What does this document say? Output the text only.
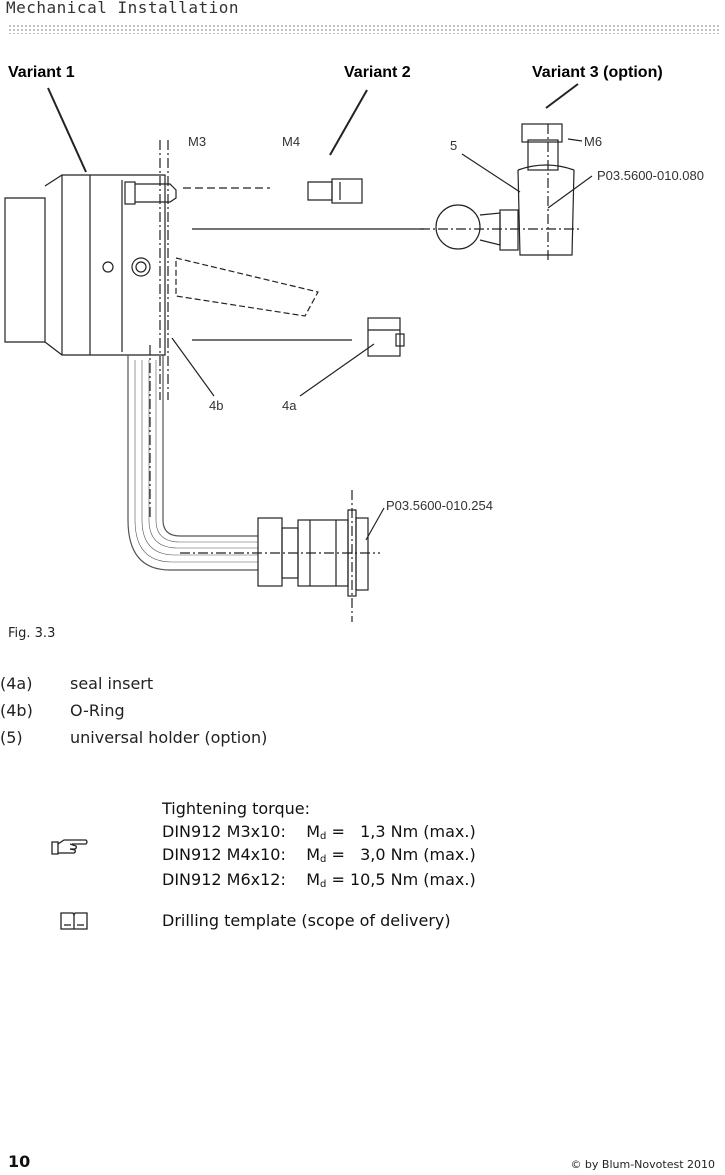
Mechanical Installation
Variant 1	Variant 2	Variant 3 (option)
M3	M4	5	M6
P03.5600-010.080
4b	4a
P03.5600-010.254
Fig. 3.3
(4a) seal insert
(4b) O-Ring
(5)	universal holder (option)
Tightening torque:
DIN912 M3x10: $M_d = 1,3$ Nm (max.)
DIN912 M4x10: $M_d = 3,0$ Nm (max.)
DIN912 M6x12: $M_d = 10,5$ Nm (max.)
Drilling template (scope of delivery)
10	© by Blum-Novotest 2010
